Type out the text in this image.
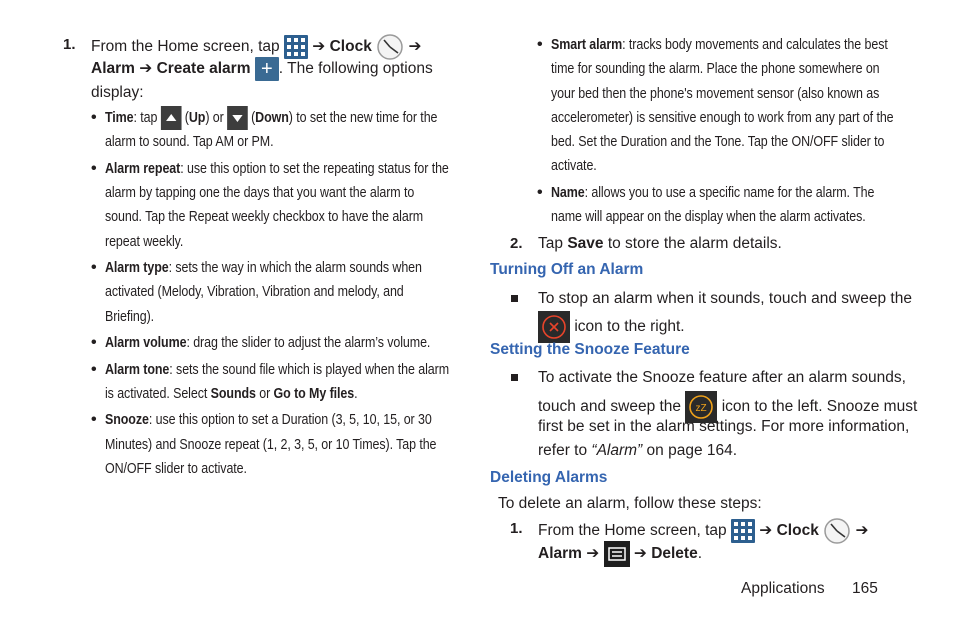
1. From the Home screen, tap ➔ Clock ➔
Alarm ➔ Create alarm + . The following options
display:
• Time: tap (Up) or (Down) to set the new time for the
alarm to sound. Tap AM or PM.
• Alarm repeat: use this option to set the repeating status for the
alarm by tapping one the days that you want the alarm to
sound. Tap the Repeat weekly checkbox to have the alarm
repeat weekly.
• Alarm type: sets the way in which the alarm sounds when
activated (Melody, Vibration, Vibration and melody, and
Briefing).
• Alarm volume: drag the slider to adjust the alarm’s volume.
• Alarm tone: sets the sound file which is played when the alarm
is activated. Select Sounds or Go to My files.
• Snooze: use this option to set a Duration (3, 5, 10, 15, or 30
Minutes) and Snooze repeat (1, 2, 3, 5, or 10 Times). Tap the
ON/OFF slider to activate.
• Smart alarm: tracks body movements and calculates the best
time for sounding the alarm. Place the phone somewhere on
your bed then the phone's movement sensor (also known as
accelerometer) is sensitive enough to work from any part of the
bed. Set the Duration and the Tone. Tap the ON/OFF slider to
activate.
• Name: allows you to use a specific name for the alarm. The
name will appear on the display when the alarm activates.
2. Tap Save to store the alarm details.
Turning Off an Alarm
To stop an alarm when it sounds, touch and sweep the
icon to the right.
Setting the Snooze Feature
To activate the Snooze feature after an alarm sounds,
touch and sweep the zZ icon to the left. Snooze must
first be set in the alarm settings. For more information,
refer to “Alarm” on page 164.
Deleting Alarms
To delete an alarm, follow these steps:
1. From the Home screen, tap ➔ Clock ➔
Alarm ➔ ➔ Delete.
Applications 165
